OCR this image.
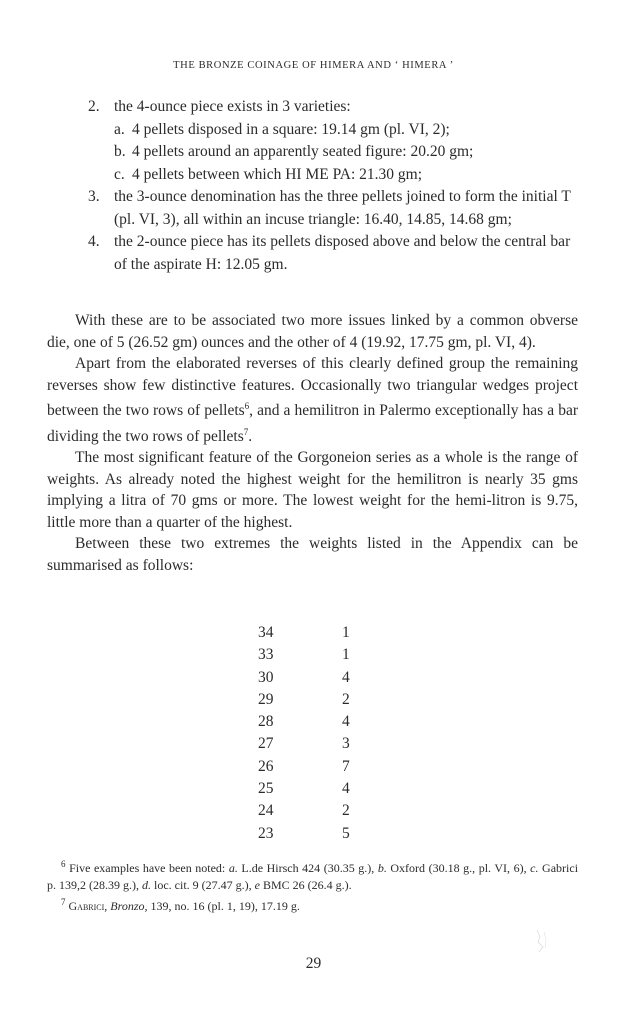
THE BRONZE COINAGE OF HIMERA AND ‘ HIMERA ’
2. the 4-ounce piece exists in 3 varieties:
a. 4 pellets disposed in a square: 19.14 gm (pl. VI, 2);
b. 4 pellets around an apparently seated figure: 20.20 gm;
c. 4 pellets between which HI ME PA: 21.30 gm;
3. the 3-ounce denomination has the three pellets joined to form the initial T (pl. VI, 3), all within an incuse triangle: 16.40, 14.85, 14.68 gm;
4. the 2-ounce piece has its pellets disposed above and below the central bar of the aspirate H: 12.05 gm.

With these are to be associated two more issues linked by a common obverse die, one of 5 (26.52 gm) ounces and the other of 4 (19.92, 17.75 gm, pl. VI, 4).

Apart from the elaborated reverses of this clearly defined group the remaining reverses show few distinctive features. Occasionally two triangular wedges project between the two rows of pellets$^6$, and a hemilitron in Palermo exceptionally has a bar dividing the two rows of pellets$^7$.

The most significant feature of the Gorgoneion series as a whole is the range of weights. As already noted the highest weight for the hemilitron is nearly 35 gms implying a litra of 70 gms or more. The lowest weight for the hemi-litron is 9.75, little more than a quarter of the highest.

Between these two extremes the weights listed in the Appendix can be summarised as follows:

34	1
33	1
30	4
29	2
28	4
27	3
26	7
25	4
24	2
23	5

$^6$ Five examples have been noted: a. L.de Hirsch 424 (30.35 g.), b. Oxford (30.18 g., pl. VI, 6), c. Gabrici p. 139,2 (28.39 g.), d. loc. cit. 9 (27.47 g.), e BMC 26 (26.4 g.).

$^7$ Gabrici, Bronzo, 139, no. 16 (pl. 1, 19), 17.19 g.

29
